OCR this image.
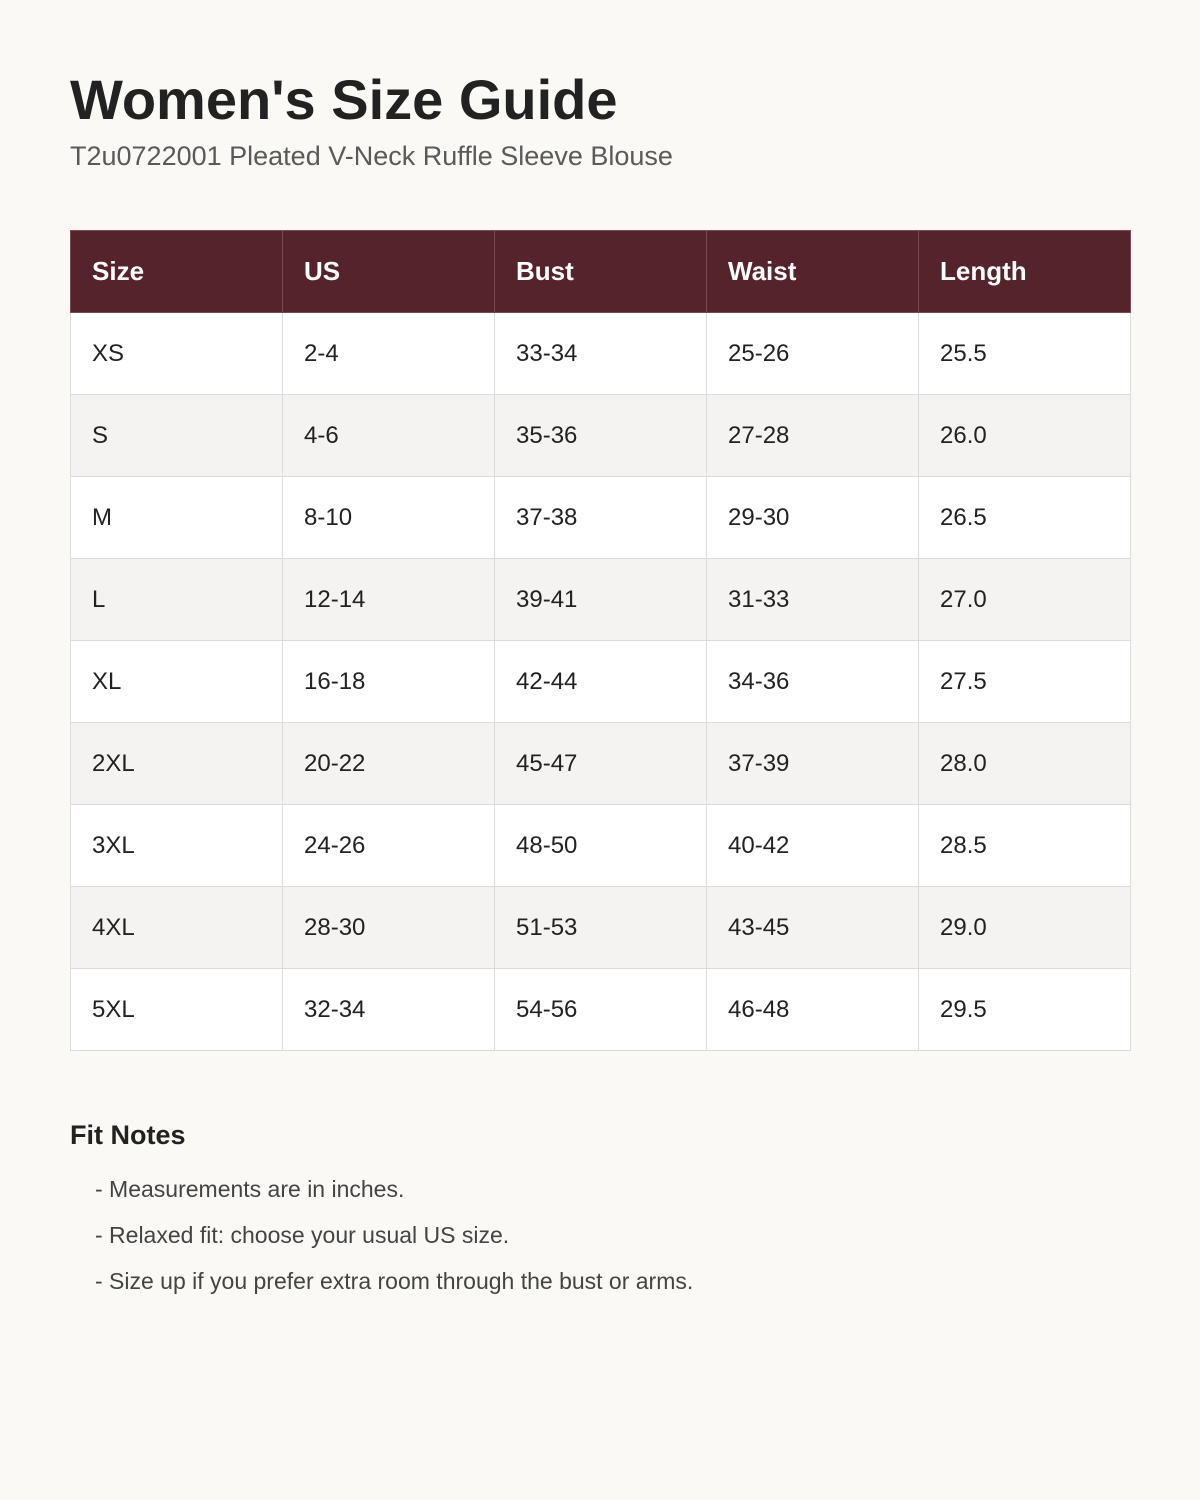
Women's Size Guide

T2u0722001 Pleated V-Neck Ruffle Sleeve Blouse

Size	US	Bust	Waist	Length
XS	2-4	33-34	25-26	25.5
S	4-6	35-36	27-28	26.0
M	8-10	37-38	29-30	26.5
L	12-14	39-41	31-33	27.0
XL	16-18	42-44	34-36	27.5
2XL	20-22	45-47	37-39	28.0
3XL	24-26	48-50	40-42	28.5
4XL	28-30	51-53	43-45	29.0
5XL	32-34	54-56	46-48	29.5
Fit Notes
- Measurements are in inches.
- Relaxed fit: choose your usual US size.
- Size up if you prefer extra room through the bust or arms.
